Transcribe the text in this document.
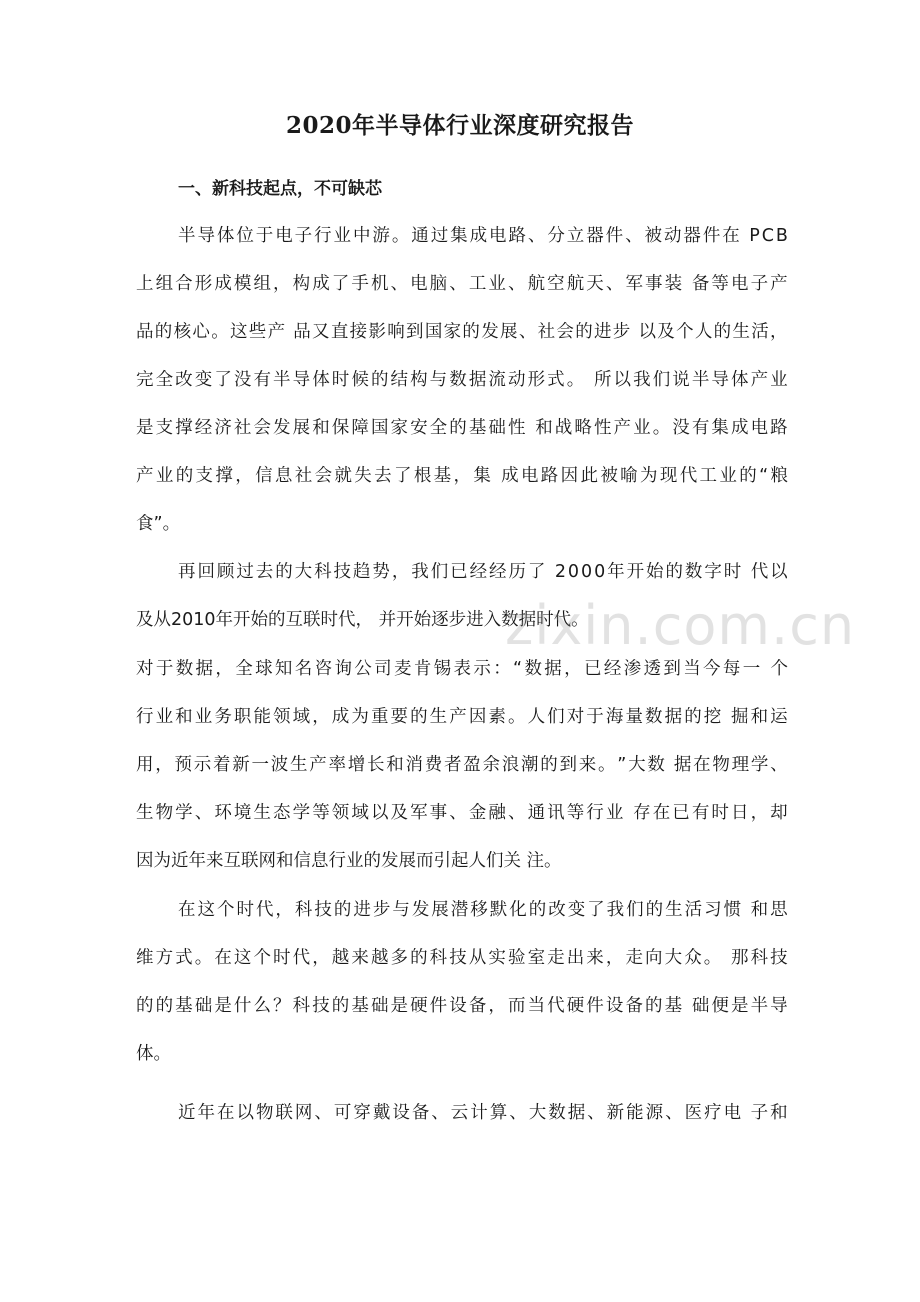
2020年半导体行业深度研究报告
一、新科技起点，不可缺芯
半 导 体 位 于 电 子 行 业 中 游 。 通 过 集 成 电 路 、 分 立 器 件 、 被 动 器 件 在
P C B
上 组 合 形 成 模 组 ， 构 成 了 手 机 、 电 脑 、 工 业 、 航 空 航 天 、 军 事 装
备 等 电 子 产
品 的 核 心 。 这 些 产
品 又 直 接 影 响 到 国 家 的 发 展 、 社 会 的 进 步
以 及 个 人 的 生 活 ，
完 全 改 变 了 没 有 半 导 体 时 候 的 结 构 与 数 据 流 动 形 式 。
所 以 我 们 说 半 导 体 产 业
是 支 撑 经 济 社 会 发 展 和 保 障 国 家 安 全 的 基 础 性
和 战 略 性 产 业 。 没 有 集 成 电 路
产 业 的 支 撑 ， 信 息 社 会 就 失 去 了 根 基 ， 集
成 电 路 因 此 被 喻 为 现 代 工 业 的 “ 粮
食”。
再 回 顾 过 去 的 大 科 技 趋 势 ， 我 们 已 经 经 历 了
2 0 0 0 年 开 始 的 数 字 时
代 以
及从2010年开始的互联时代， 并开始逐步进入数据时代。
对 于 数 据 ， 全 球 知 名 咨 询 公 司 麦 肯 锡 表 示 ： “ 数 据 ， 已 经 渗 透 到 当 今 每 一
个
行 业 和 业 务 职 能 领 域 ， 成 为 重 要 的 生 产 因 素 。 人 们 对 于 海 量 数 据 的 挖
掘 和 运
用 ， 预 示 着 新 一 波 生 产 率 增 长 和 消 费 者 盈 余 浪 潮 的 到 来 。 ” 大 数
据 在 物 理 学 、
生 物 学 、 环 境 生 态 学 等 领 域 以 及 军 事 、 金 融 、 通 讯 等 行 业
存 在 已 有 时 日 ， 却
因为近年来互联网和信息行业的发展而引起人们关 注。
在 这 个 时 代 ， 科 技 的 进 步 与 发 展 潜 移 默 化 的 改 变 了 我 们 的 生 活 习 惯
和 思
维 方 式 。 在 这 个 时 代 ， 越 来 越 多 的 科 技 从 实 验 室 走 出 来 ， 走 向 大 众 。
那 科 技
的 的 基 础 是 什 么 ？ 科 技 的 基 础 是 硬 件 设 备 ， 而 当 代 硬 件 设 备 的 基
础 便 是 半 导
体。
近 年 在 以 物 联 网 、 可 穿 戴 设 备 、 云 计 算 、 大 数 据 、 新 能 源 、 医 疗 电
子 和
zixin.com.cn
